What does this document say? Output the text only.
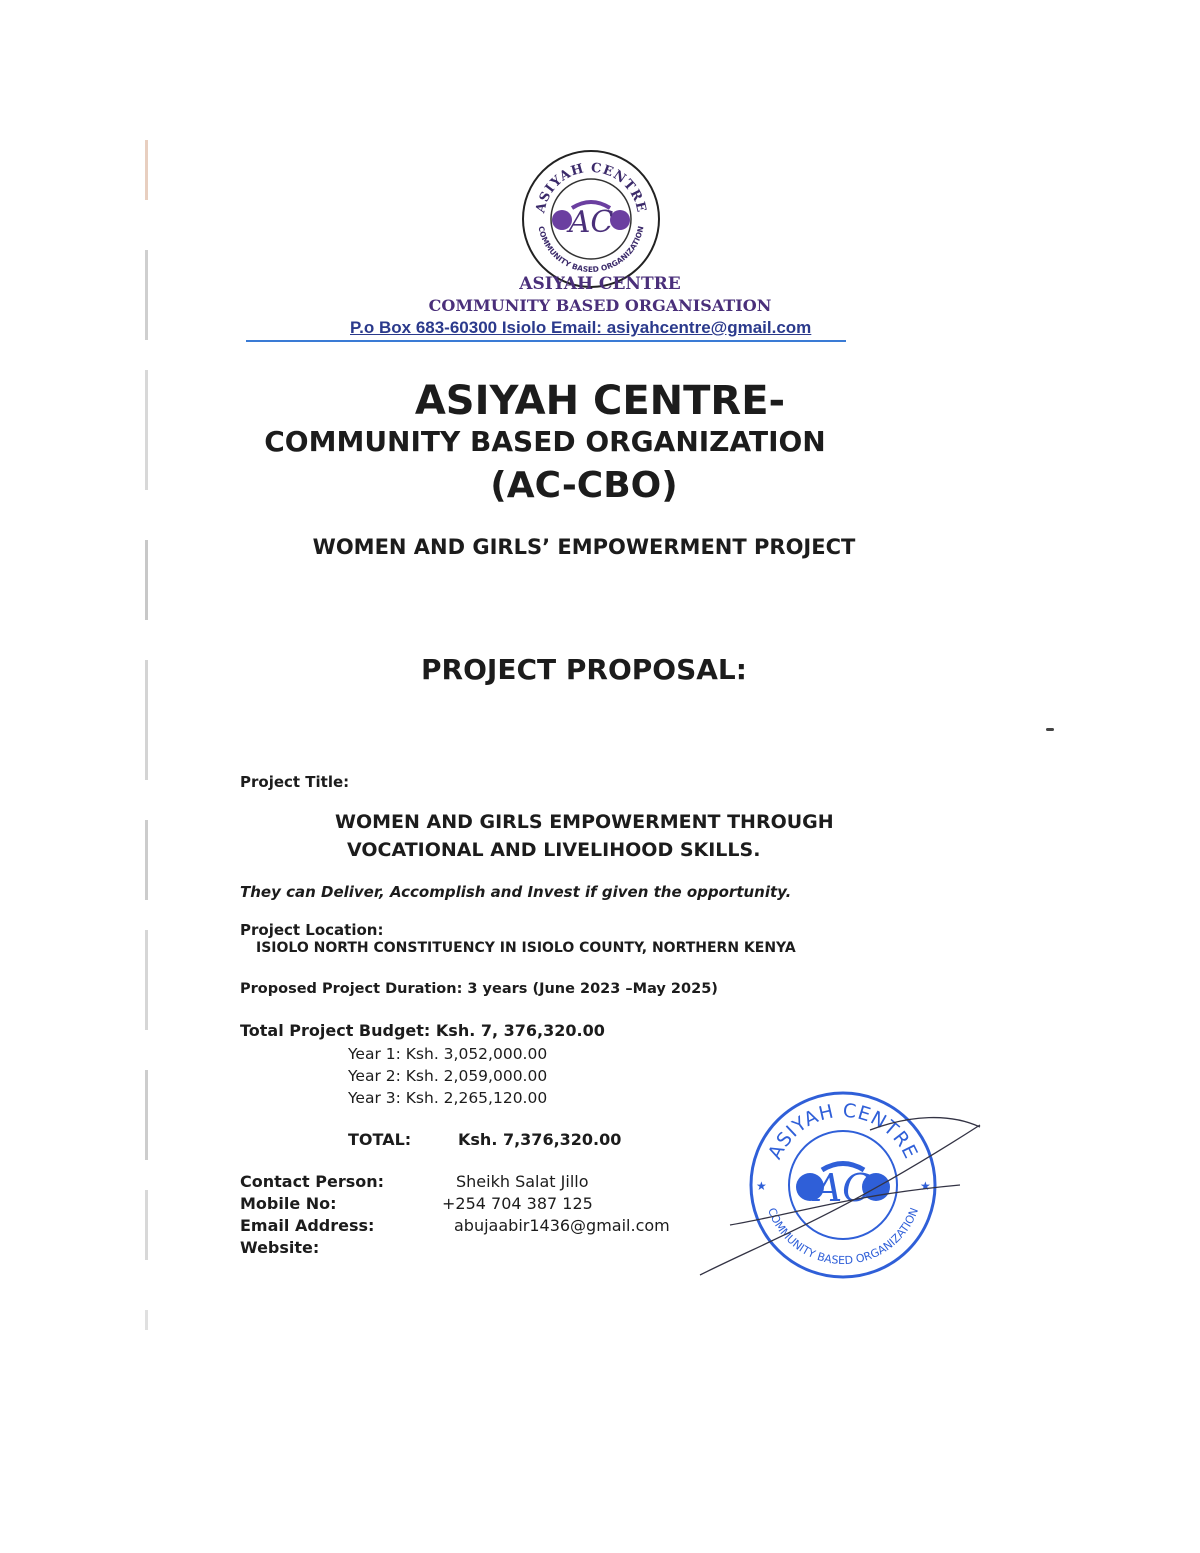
ASIYAH CENTRE
COMMUNITY BASED ORGANIZATION
AC
ASIYAH CENTRE
COMMUNITY BASED ORGANISATION
P.o Box 683-60300 Isiolo Email: asiyahcentre@gmail.com
ASIYAH CENTRE-
COMMUNITY BASED ORGANIZATION
(AC-CBO)
WOMEN AND GIRLS’ EMPOWERMENT PROJECT
PROJECT PROPOSAL:
Project Title:
WOMEN AND GIRLS EMPOWERMENT THROUGH
VOCATIONAL AND LIVELIHOOD SKILLS.
They can Deliver, Accomplish and Invest if given the opportunity.
Project Location:
ISIOLO NORTH CONSTITUENCY IN ISIOLO COUNTY, NORTHERN KENYA
Proposed Project Duration: 3 years (June 2023 –May 2025)
Total Project Budget: Ksh. 7, 376,320.00
Year 1: Ksh. 3,052,000.00
Year 2: Ksh. 2,059,000.00
Year 3: Ksh. 2,265,120.00
TOTAL:	Ksh. 7,376,320.00
Contact Person:
Mobile No:
Email Address:
Website:
Sheikh Salat Jillo
+254 704 387 125
abujaabir1436@gmail.com
ASIYAH CENTRE
COMMUNITY BASED ORGANIZATION
★	★
AC
